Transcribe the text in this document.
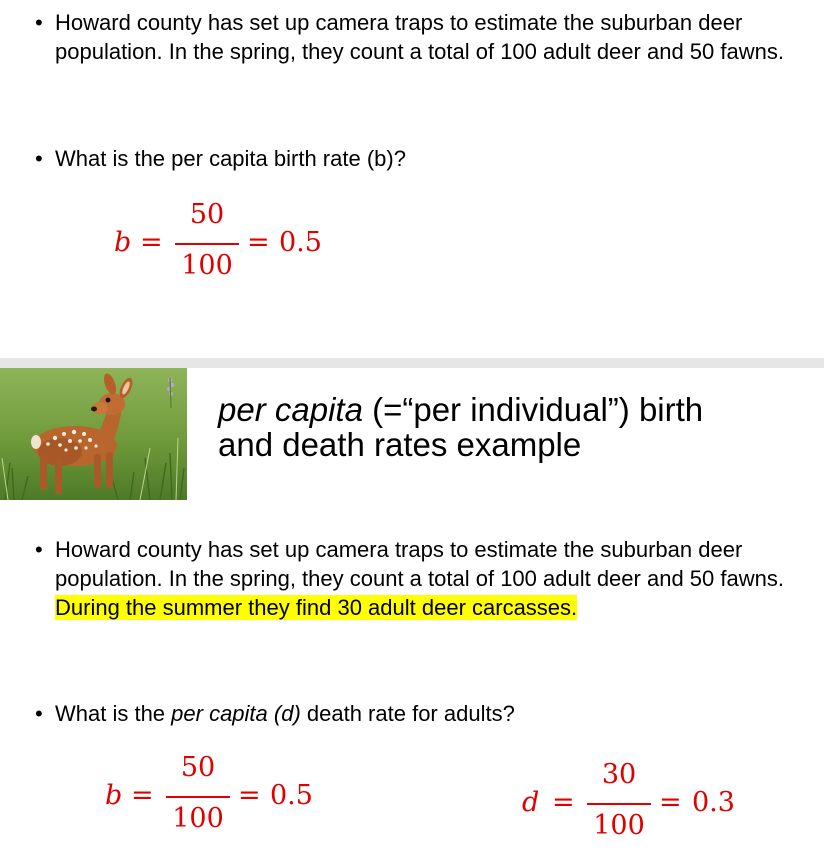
• Howard county has set up camera traps to estimate the suburban deer population. In the spring, they count a total of 100 adult deer and 50 fawns.
• What is the per capita birth rate (b)?
b =
50
100
= 0.5
per capita (=“per individual”) birth
and death rates example
• Howard county has set up camera traps to estimate the suburban deer population. In the spring, they count a total of 100 adult deer and 50 fawns. During the summer they find 30 adult deer carcasses.
• What is the per capita (d) death rate for adults?
b =
50
100
= 0.5	d =
30
100
= 0.3
